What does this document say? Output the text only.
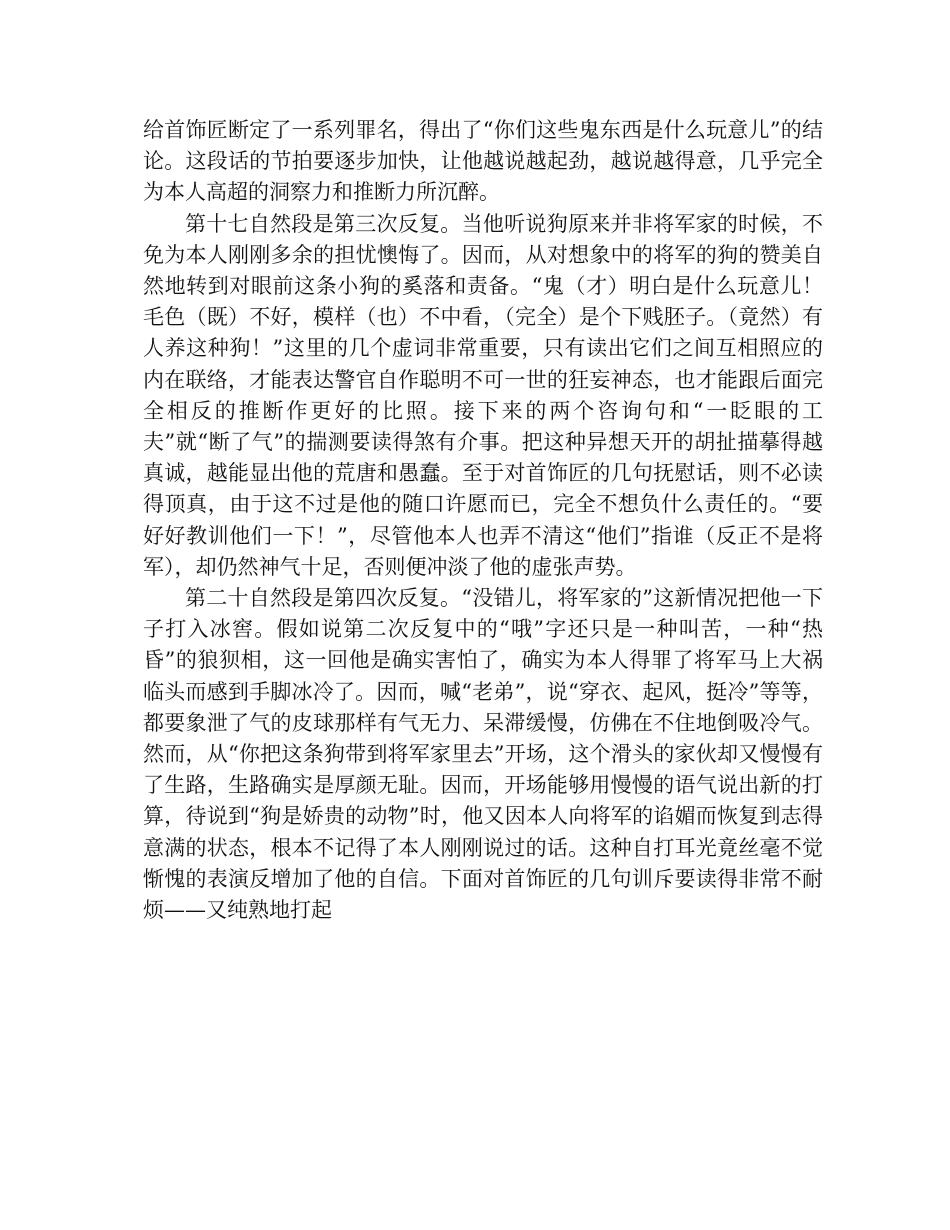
给首饰匠断定了一系列罪名，得出了“你们这些鬼东西是什么玩意儿”的结论。这段话的节拍要逐步加快，让他越说越起劲，越说越得意，几乎完全为本人高超的洞察力和推断力所沉醉。

第十七自然段是第三次反复。当他听说狗原来并非将军家的时候，不免为本人刚刚多余的担忧懊悔了。因而，从对想象中的将军的狗的赞美自然地转到对眼前这条小狗的奚落和责备。“鬼（才）明白是什么玩意儿！毛色（既）不好，模样（也）不中看，（完全）是个下贱胚子。（竟然）有人养这种狗！”这里的几个虚词非常重要，只有读出它们之间互相照应的内在联络，才能表达警官自作聪明不可一世的狂妄神态，也才能跟后面完全相反的推断作更好的比照。接下来的两个咨询句和“一眨眼的工夫”就“断了气”的揣测要读得煞有介事。把这种异想天开的胡扯描摹得越真诚，越能显出他的荒唐和愚蠢。至于对首饰匠的几句抚慰话，则不必读得顶真，由于这不过是他的随口许愿而已，完全不想负什么责任的。“要好好教训他们一下！”，尽管他本人也弄不清这“他们”指谁（反正不是将军），却仍然神气十足，否则便冲淡了他的虚张声势。

第二十自然段是第四次反复。“没错儿，将军家的”这新情况把他一下子打入冰窖。假如说第二次反复中的“哦”字还只是一种叫苦，一种“热昏”的狼狈相，这一回他是确实害怕了，确实为本人得罪了将军马上大祸临头而感到手脚冰冷了。因而，喊“老弟”，说“穿衣、起风，挺冷”等等，都要象泄了气的皮球那样有气无力、呆滞缓慢，仿佛在不住地倒吸冷气。然而，从“你把这条狗带到将军家里去”开场，这个滑头的家伙却又慢慢有了生路，生路确实是厚颜无耻。因而，开场能够用慢慢的语气说出新的打算，待说到“狗是娇贵的动物”时，他又因本人向将军的谄媚而恢复到志得意满的状态，根本不记得了本人刚刚说过的话。这种自打耳光竟丝毫不觉惭愧的表演反增加了他的自信。下面对首饰匠的几句训斥要读得非常不耐烦——又纯熟地打起
